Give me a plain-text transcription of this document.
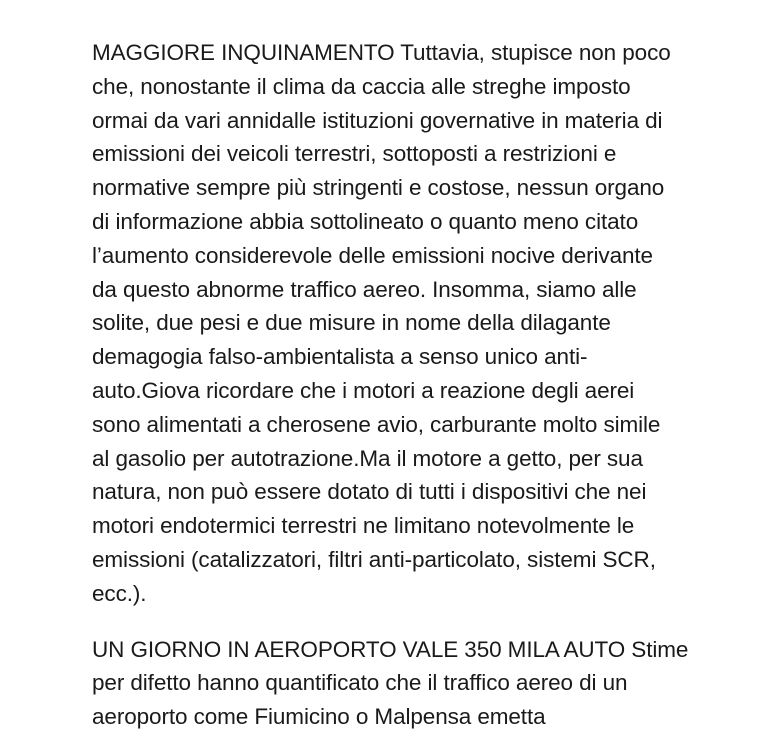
MAGGIORE INQUINAMENTO Tuttavia, stupisce non poco
che, nonostante il clima da caccia alle streghe imposto
ormai da vari annidalle istituzioni governative in materia di
emissioni dei veicoli terrestri, sottoposti a restrizioni e
normative sempre più stringenti e costose, nessun organo
di informazione abbia sottolineato o quanto meno citato
l’aumento considerevole delle emissioni nocive derivante
da questo abnorme traffico aereo. Insomma, siamo alle
solite, due pesi e due misure in nome della dilagante
demagogia falso-ambientalista a senso unico anti-
auto.Giova ricordare che i motori a reazione degli aerei
sono alimentati a cherosene avio, carburante molto simile
al gasolio per autotrazione.Ma il motore a getto, per sua
natura, non può essere dotato di tutti i dispositivi che nei
motori endotermici terrestri ne limitano notevolmente le
emissioni (catalizzatori, filtri anti-particolato, sistemi SCR,
ecc.).

UN GIORNO IN AEROPORTO VALE 350 MILA AUTO Stime
per difetto hanno quantificato che il traffico aereo di un
aeroporto come Fiumicino o Malpensa emetta
